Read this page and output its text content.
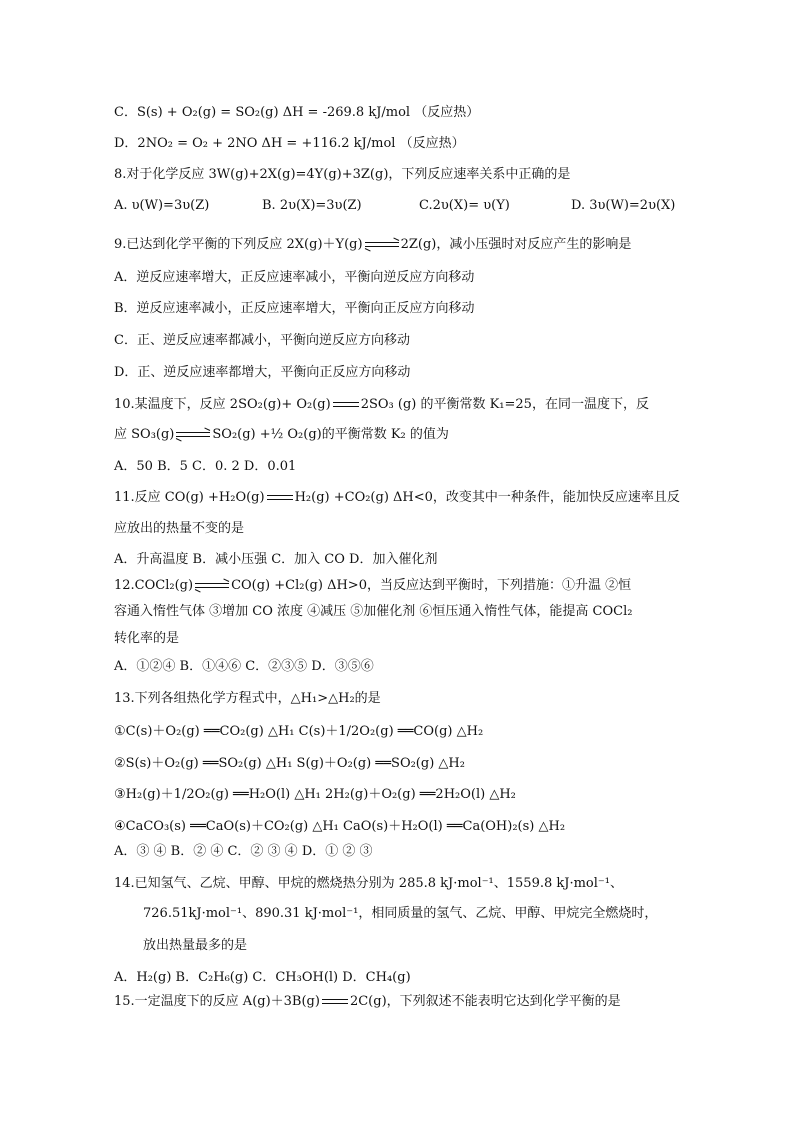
C．S(s) + O₂(g) = SO₂(g) ΔH = -269.8 kJ/mol （反应热）
D．2NO₂ = O₂ + 2NO ΔH = +116.2 kJ/mol （反应热）
8.对于化学反应 3W(g)+2X(g)=4Y(g)+3Z(g)，下列反应速率关系中正确的是
A. υ(W)=3υ(Z)	B. 2υ(X)=3υ(Z)	C.2υ(X)= υ(Y)	D. 3υ(W)=2υ(X)
9.已达到化学平衡的下列反应 2X(g)＋Y(g)	2Z(g)，减小压强时对反应产生的影响是
A．逆反应速率增大，正反应速率减小，平衡向逆反应方向移动
B．逆反应速率减小，正反应速率增大，平衡向正反应方向移动
C．正、逆反应速率都减小，平衡向逆反应方向移动
D．正、逆反应速率都增大，平衡向正反应方向移动
10.某温度下，反应 2SO₂(g)+ O₂(g) 2SO₃ (g) 的平衡常数 K₁=25，在同一温度下，反
应 SO₃(g)	SO₂(g) +½ O₂(g)的平衡常数 K₂ 的值为
A．50 B．5 C．0. 2 D．0.01
11.反应 CO(g) +H₂O(g) H₂(g) +CO₂(g) ΔH<0，改变其中一种条件，能加快反应速率且反
应放出的热量不变的是
A．升高温度 B．减小压强 C．加入 CO D．加入催化剂
12.COCl₂(g)	CO(g) +Cl₂(g) ΔH>0，当反应达到平衡时，下列措施：①升温 ②恒
容通入惰性气体 ③增加 CO 浓度 ④减压 ⑤加催化剂 ⑥恒压通入惰性气体，能提高 COCl₂
转化率的是
A．①②④ B．①④⑥ C．②③⑤ D．③⑤⑥
13.下列各组热化学方程式中，△H₁>△H₂的是
①C(s)＋O₂(g) ══CO₂(g) △H₁ C(s)＋1/2O₂(g) ══CO(g) △H₂
②S(s)＋O₂(g) ══SO₂(g) △H₁ S(g)＋O₂(g) ══SO₂(g) △H₂
③H₂(g)＋1/2O₂(g) ══H₂O(l) △H₁ 2H₂(g)＋O₂(g) ══2H₂O(l) △H₂
④CaCO₃(s) ══CaO(s)＋CO₂(g) △H₁ CaO(s)＋H₂O(l) ══Ca(OH)₂(s) △H₂
A．③ ④ B．② ④ C．② ③ ④ D．① ② ③
14.已知氢气、乙烷、甲醇、甲烷的燃烧热分别为 285.8 kJ·mol⁻¹、1559.8 kJ·mol⁻¹、
726.51kJ·mol⁻¹、890.31 kJ·mol⁻¹，相同质量的氢气、乙烷、甲醇、甲烷完全燃烧时，
放出热量最多的是
A．H₂(g) B．C₂H₆(g) C．CH₃OH(l) D．CH₄(g)
15.一定温度下的反应 A(g)＋3B(g) 2C(g)，下列叙述不能表明它达到化学平衡的是
